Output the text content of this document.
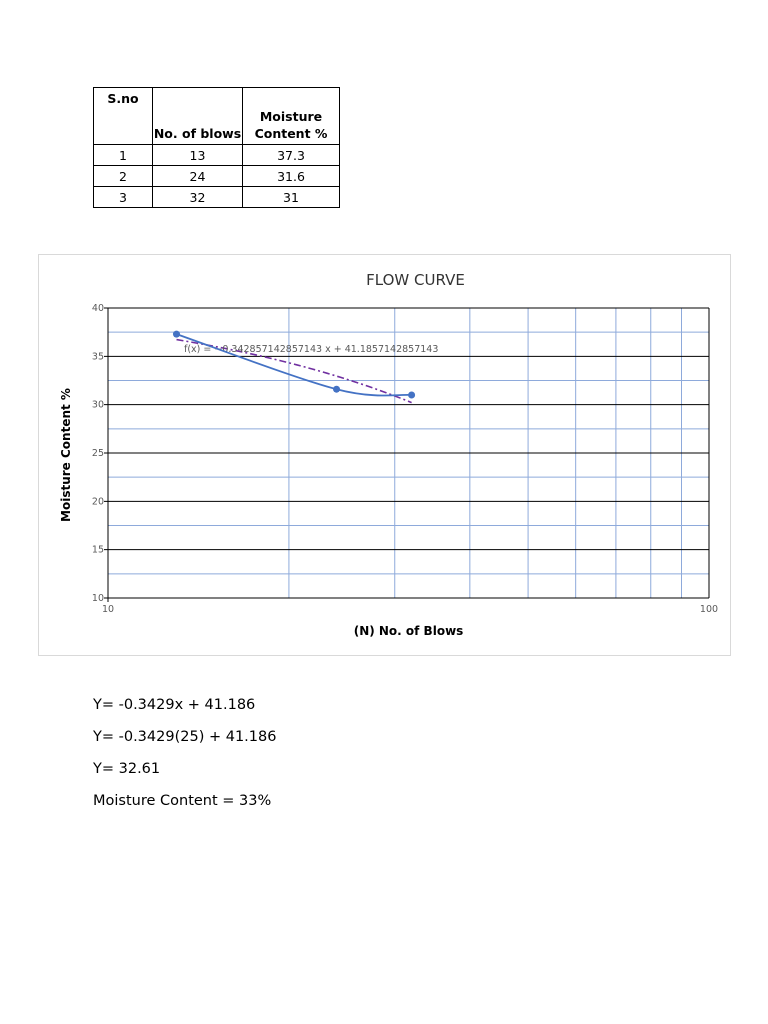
S.no	No. of blows	Moisture Content %
1	13	37.3
2	24	31.6
3	32	31
FLOW CURVE
40
35
30
25
20
15
10
10	100
(N) No. of Blows
Moisture Content %
f(x) = −0.342857142857143 x + 41.1857142857143
Y= -0.3429x + 41.186
Y= -0.3429(25) + 41.186
Y= 32.61
Moisture Content = 33%
